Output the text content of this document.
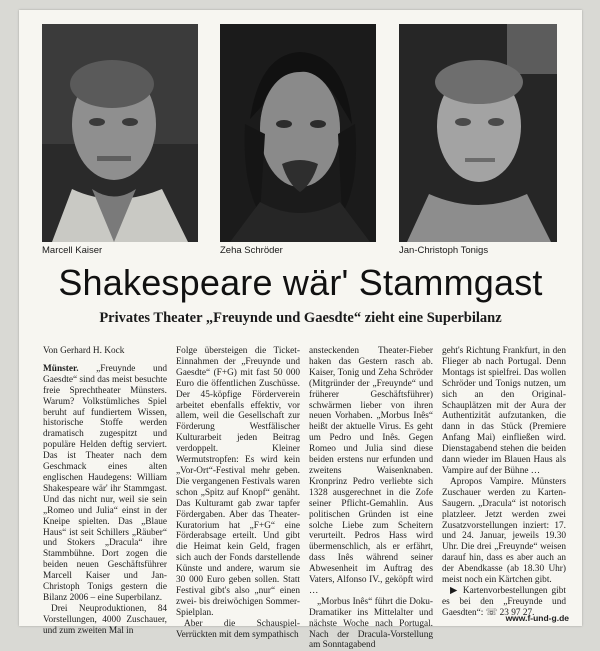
Marcell Kaiser	Zeha Schröder	Jan-Christoph Tonigs
Shakespeare wär' Stammgast
Privates Theater „Freuynde und Gaesdte“ zieht eine Superbilanz
Von Gerhard H. Kock

Münster. „Freuynde und Gaesdte“ sind das meist besuchte freie Sprechtheater Münsters. Warum? Volkstümliches Spiel beruht auf fundiertem Wissen, historische Stoffe werden dramatisch zugespitzt und populäre Helden deftig serviert. Das ist Theater nach dem Geschmack eines alten englischen Haudegens: William Shakespeare wär' ihr Stammgast. Und das nicht nur, weil sie sein „Romeo und Julia“ einst in der Kneipe spielten. Das „Blaue Haus“ ist seit Schillers „Räuber“ und Stokers „Dracula“ ihre Stammbühne. Dort zogen die beiden neuen Geschäftsführer Marcell Kaiser und Jan-Christoph Tonigs gestern die Bilanz 2006 – eine Superbilanz.

Drei Neuproduktionen, 84 Vorstellungen, 4000 Zuschauer, und zum zweiten Mal in

Folge übersteigen die Ticket-Einnahmen der „Freuynde und Gaesdte“ (F+G) mit fast 50 000 Euro die öffentlichen Zuschüsse. Der 45-köpfige Förderverein arbeitet ebenfalls effektiv, vor allem, weil die Gesellschaft zur Förderung Westfälischer Kulturarbeit jeden Beitrag verdoppelt. Kleiner Wermutstropfen: Es wird kein „Vor-Ort“-Festival mehr geben. Die vergangenen Festivals waren schon „Spitz auf Knopf“ genäht. Das Kulturamt gab zwar tapfer Fördergaben. Aber das Theater-Kuratorium hat „F+G“ eine Förderabsage erteilt. Und gibt die Heimat kein Geld, fragen sich auch der Fonds darstellende Künste und andere, warum sie 30 000 Euro geben sollen. Statt Festival gibt's also „nur“ einen zwei- bis dreiwöchigen Sommer-Spielplan.

Aber die Schauspiel-Verrückten mit dem sympathisch

ansteckenden Theater-Fieber haken das Gestern rasch ab. Kaiser, Tonig und Zeha Schröder (Mitgründer der „Freuynde“ und früherer Geschäftsführer) schwärmen lieber von ihren neuen Vorhaben. „Morbus Inês“ heißt der aktuelle Virus. Es geht um Pedro und Inês. Gegen Romeo und Julia sind diese beiden erstens nur erfunden und zweitens Waisenknaben. Kronprinz Pedro verliebte sich 1328 ausgerechnet in die Zofe seiner Pflicht-Gemahlin. Aus politischen Gründen ist eine solche Liebe zum Scheitern verurteilt. Pedros Hass wird übermenschlich, als er erfährt, dass Inês während seiner Abwesenheit im Auftrag des Vaters, Alfonso IV., geköpft wird …

„Morbus Inês“ führt die Doku-Dramatiker ins Mittelalter und nächste Woche nach Portugal. Nach der Dracula-Vorstellung am Sonntagabend

geht's Richtung Frankfurt, in den Flieger ab nach Portugal. Denn Montags ist spielfrei. Das wollen Schröder und Tonigs nutzen, um sich an den Original-Schauplätzen mit der Aura der Authentizität aufzutanken, die dann in das Stück (Premiere Anfang Mai) einfließen wird. Dienstagabend stehen die beiden dann wieder im Blauen Haus als Vampire auf der Bühne …

Apropos Vampire. Münsters Zuschauer werden zu Karten-Saugern. „Dracula“ ist notorisch platzleer. Jetzt werden zwei Zusatzvorstellungen inziert: 17. und 24. Januar, jeweils 19.30 Uhr. Die drei „Freuynde“ weisen darauf hin, dass es aber auch an der Abendkasse (ab 18.30 Uhr) meist noch ein Kärtchen gibt.

▶ Kartenvorbestellungen gibt es bei den „Freuynde und Gaesdten“: ☏ 23 97 27.

www.f-und-g.de
